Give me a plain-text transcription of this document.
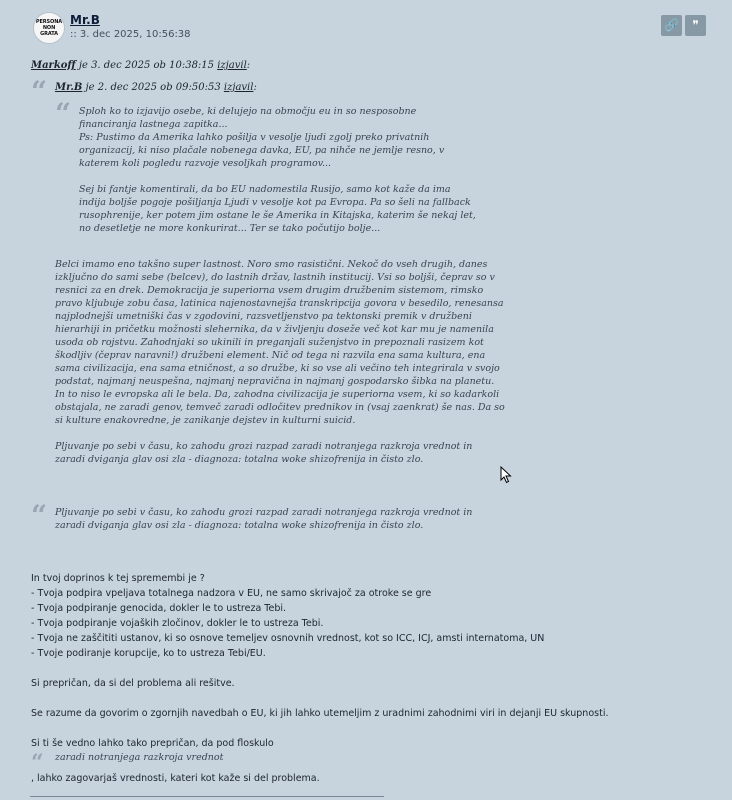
PERSONA NON GRATA
Mr.B
:: 3. dec 2025, 10:56:38
🔗	❞
Markoff je 3. dec 2025 ob 10:38:15 izjavil:
“ Mr.B je 2. dec 2025 ob 09:50:53 izjavil:
“ Sploh ko to izjavijo osebe, ki delujejo na območju eu in so nesposobne
financiranja lastnega zapitka...
Ps: Pustimo da Amerika lahko pošilja v vesolje ljudi zgolj preko privatnih
organizacij, ki niso plačale nobenega davka, EU, pa nihče ne jemlje resno, v
katerem koli pogledu razvoje vesoljkah programov...

Sej bi fantje komentirali, da bo EU nadomestila Rusijo, samo kot kaže da ima
indija boljše pogoje pošiljanja Ljudi v vesolje kot pa Evropa. Pa so šeli na fallback
rusophrenije, ker potem jim ostane le še Amerika in Kitajska, katerim še nekaj let,
no desetletje ne more konkurirat... Ter se tako počutijo bolje...
Belci imamo eno takšno super lastnost. Noro smo rasistični. Nekoč do vseh drugih, danes
izključno do sami sebe (belcev), do lastnih držav, lastnih institucij. Vsi so boljši, čeprav so v
resnici za en drek. Demokracija je superiorna vsem drugim družbenim sistemom, rimsko
pravo kljubuje zobu časa, latinica najenostavnejša transkripcija govora v besedilo, renesansa
najplodnejši umetniški čas v zgodovini, razsvetljenstvo pa tektonski premik v družbeni
hierarhiji in pričetku možnosti slehernika, da v življenju doseže več kot kar mu je namenila
usoda ob rojstvu. Zahodnjaki so ukinili in preganjali suženjstvo in prepoznali rasizem kot
škodljiv (čeprav naravni!) družbeni element. Nič od tega ni razvila ena sama kultura, ena
sama civilizacija, ena sama etničnost, a so družbe, ki so vse ali večino teh integrirala v svojo
podstat, najmanj neuspešna, najmanj nepravična in najmanj gospodarsko šibka na planetu.
In to niso le evropska ali le bela. Da, zahodna civilizacija je superiorna vsem, ki so kadarkoli
obstajala, ne zaradi genov, temveč zaradi odločitev prednikov in (vsaj zaenkrat) še nas. Da so
si kulture enakovredne, je zanikanje dejstev in kulturni suicid.

Pljuvanje po sebi v času, ko zahodu grozi razpad zaradi notranjega razkroja vrednot in
zaradi dviganja glav osi zla - diagnoza: totalna woke shizofrenija in čisto zlo.
“ Pljuvanje po sebi v času, ko zahodu grozi razpad zaradi notranjega razkroja vrednot in
zaradi dviganja glav osi zla - diagnoza: totalna woke shizofrenija in čisto zlo.
In tvoj doprinos k tej spremembi je ?
- Tvoja podpira vpeljava totalnega nadzora v EU, ne samo skrivajoč za otroke se gre
- Tvoja podpiranje genocida, dokler le to ustreza Tebi.
- Tvoja podpiranje vojaških zločinov, dokler le to ustreza Tebi.
- Tvoja ne zaščititi ustanov, ki so osnove temeljev osnovnih vrednost, kot so ICC, ICJ, amsti internatoma, UN
- Tvoje podiranje korupcije, ko to ustreza Tebi/EU.

Si prepričan, da si del problema ali rešitve.

Se razume da govorim o zgornjih navedbah o EU, ki jih lahko utemeljim z uradnimi zahodnimi viri in dejanji EU skupnosti.

Si ti še vedno lahko tako prepričan, da pod floskulo
“ zaradi notranjega razkroja vrednot
, lahko zagovarjaš vrednosti, kateri kot kaže si del problema.
